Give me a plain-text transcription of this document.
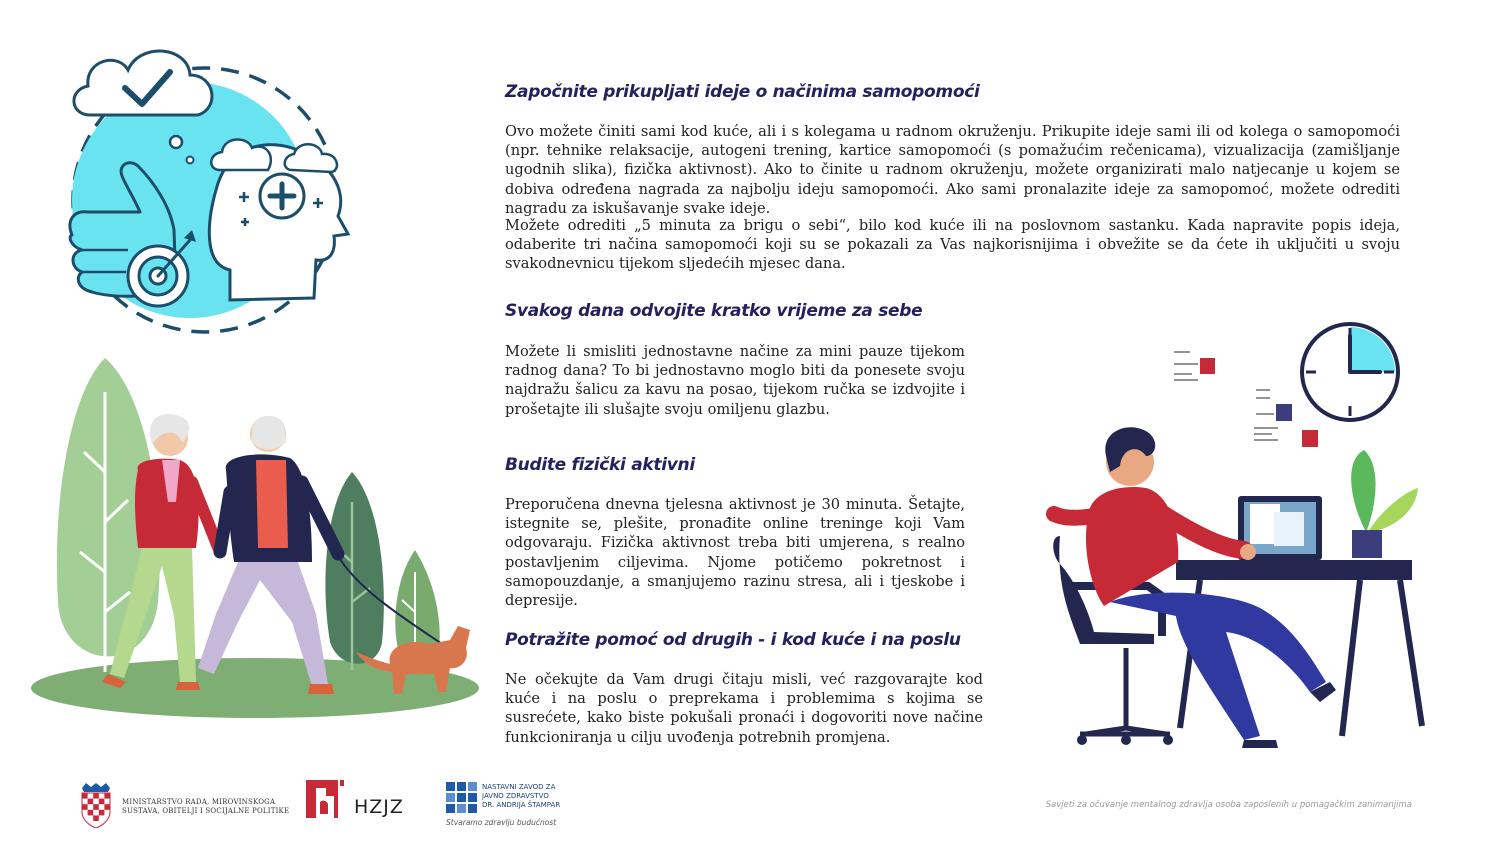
Započnite prikupljati ideje o načinima samopomoći

Ovo možete činiti sami kod kuće, ali i s kolegama u radnom okruženju. Prikupite ideje sami ili od kolega o samopomoći (npr. tehnike relaksacije, autogeni trening, kartice samopomoći (s pomažućim rečenicama), vizualizacija (zamišljanje ugodnih slika), fizička aktivnost). Ako to činite u radnom okruženju, možete organizirati malo natjecanje u kojem se dobiva određena nagrada za najbolju ideju samopomoći. Ako sami pronalazite ideje za samopomoć, možete odrediti nagradu za iskušavanje svake ideje.

Možete odrediti „5 minuta za brigu o sebi“, bilo kod kuće ili na poslovnom sastanku. Kada napravite popis ideja, odaberite tri načina samopomoći koji su se pokazali za Vas najkorisnijima i obvežite se da ćete ih uključiti u svoju svakodnevnicu tijekom sljedećih mjesec dana.

Svakog dana odvojite kratko vrijeme za sebe

Možete li smisliti jednostavne načine za mini pauze tijekom radnog dana? To bi jednostavno moglo biti da ponesete svoju najdražu šalicu za kavu na posao, tijekom ručka se izdvojite i prošetajte ili slušajte svoju omiljenu glazbu.

Budite fizički aktivni

Preporučena dnevna tjelesna aktivnost je 30 minuta. Šetajte, istegnite se, plešite, pronađite online treninge koji Vam odgovaraju. Fizička aktivnost treba biti umjerena, s realno postavljenim ciljevima. Njome potičemo pokretnost i samopouzdanje, a smanjujemo razinu stresa, ali i tjeskobe i depresije.

Potražite pomoć od drugih - i kod kuće i na poslu

Ne očekujte da Vam drugi čitaju misli, već razgovarajte kod kuće i na poslu o preprekama i problemima s kojima se susrećete, kako biste pokušali pronaći i dogovoriti nove načine funkcioniranja u cilju uvođenja potrebnih promjena.

MINISTARSTVO RADA, MIROVINSKOGA
SUSTAVA, OBITELJI I SOCIJALNE POLITIKE	HZJZ
NASTAVNI ZAVOD ZA
JAVNO ZDRAVSTVO
DR. ANDRIJA ŠTAMPAR
Stvaramo zdravlju budućnost
Savjeti za očuvanje mentalnog zdravlja osoba zaposlenih u pomagačkim zanimanjima
